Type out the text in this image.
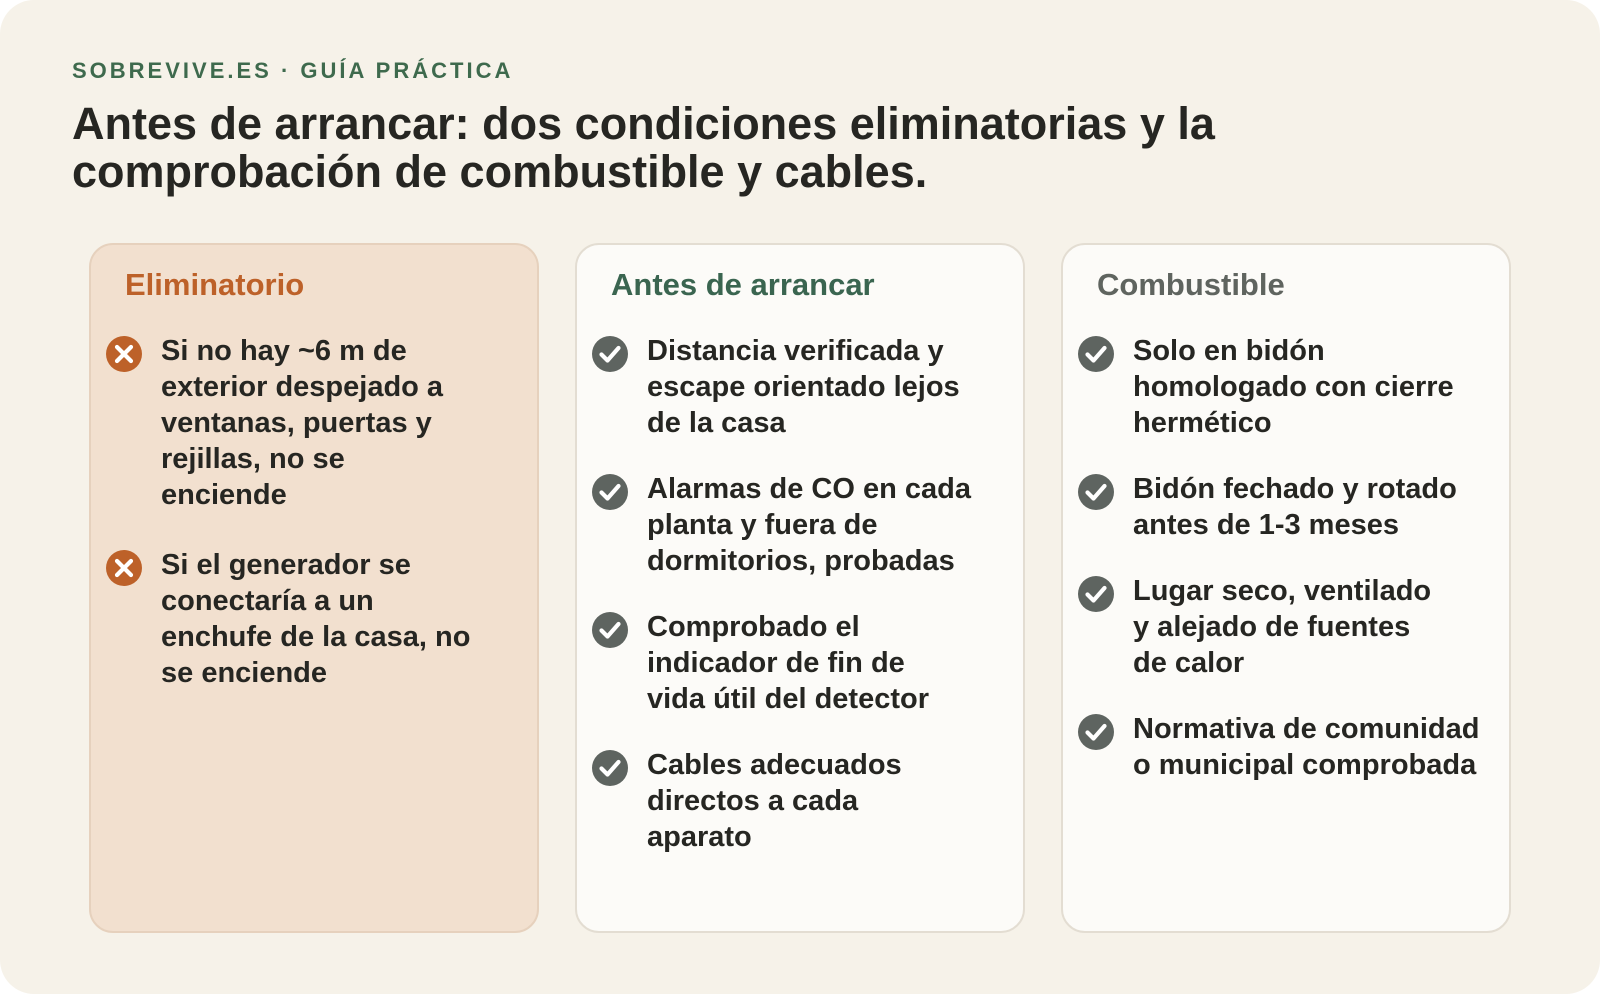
SOBREVIVE.ES · GUÍA PRÁCTICA
Antes de arrancar: dos condiciones eliminatorias y la
comprobación de combustible y cables.
Eliminatorio
Si no hay ~6 m de
exterior despejado a
ventanas, puertas y
rejillas, no se
enciende
Si el generador se
conectaría a un
enchufe de la casa, no
se enciende
Antes de arrancar
Distancia verificada y
escape orientado lejos
de la casa
Alarmas de CO en cada
planta y fuera de
dormitorios, probadas
Comprobado el
indicador de fin de
vida útil del detector
Cables adecuados
directos a cada
aparato
Combustible
Solo en bidón
homologado con cierre
hermético
Bidón fechado y rotado
antes de 1-3 meses
Lugar seco, ventilado
y alejado de fuentes
de calor
Normativa de comunidad
o municipal comprobada
